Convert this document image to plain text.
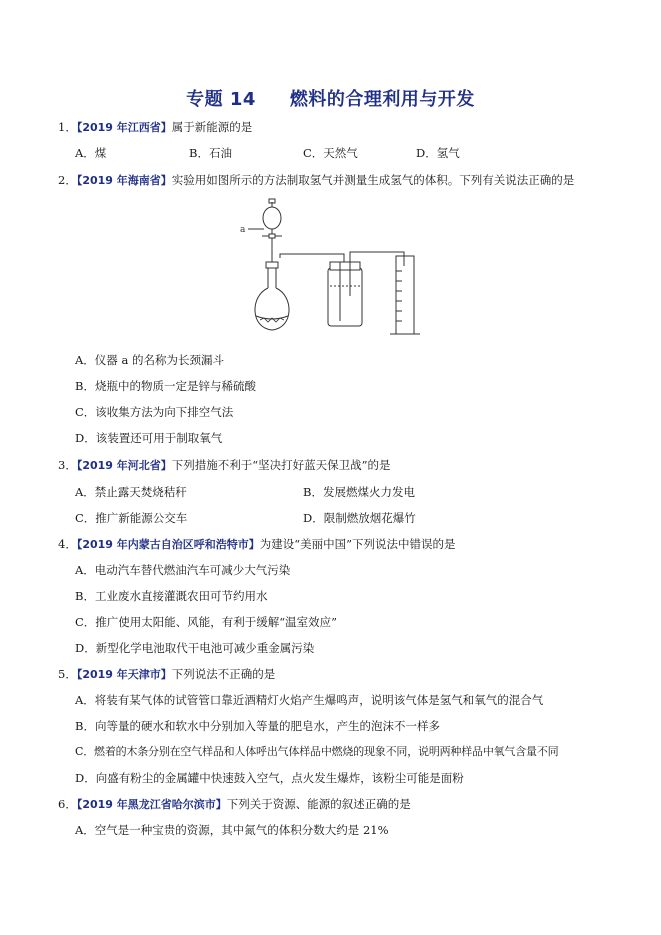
专题 14 燃料的合理利用与开发
1．【2019 年江西省】属于新能源的是
A．煤	B．石油	C．天然气	D．氢气
2．【2019 年海南省】实验用如图所示的方法制取氢气并测量生成氢气的体积。下列有关说法正确的是
a
A．仪器 a 的名称为长颈漏斗
B．烧瓶中的物质一定是锌与稀硫酸
C．该收集方法为向下排空气法
D．该装置还可用于制取氧气
3．【2019 年河北省】下列措施不利于“坚决打好蓝天保卫战”的是
A．禁止露天焚烧秸秆	B．发展燃煤火力发电
C．推广新能源公交车	D．限制燃放烟花爆竹
4．【2019 年内蒙古自治区呼和浩特市】为建设“美丽中国”下列说法中错误的是
A．电动汽车替代燃油汽车可减少大气污染
B．工业废水直接灌溉农田可节约用水
C．推广使用太阳能、风能，有利于缓解“温室效应”
D．新型化学电池取代干电池可减少重金属污染
5．【2019 年天津市】下列说法不正确的是
A．将装有某气体的试管管口靠近酒精灯火焰产生爆鸣声，说明该气体是氢气和氧气的混合气
B．向等量的硬水和软水中分别加入等量的肥皂水，产生的泡沫不一样多
C．燃着的木条分别在空气样品和人体呼出气体样品中燃烧的现象不同，说明两种样品中氧气含量不同
D．向盛有粉尘的金属罐中快速鼓入空气，点火发生爆炸，该粉尘可能是面粉
6．【2019 年黑龙江省哈尔滨市】下列关于资源、能源的叙述正确的是
A．空气是一种宝贵的资源，其中氮气的体积分数大约是 21%
